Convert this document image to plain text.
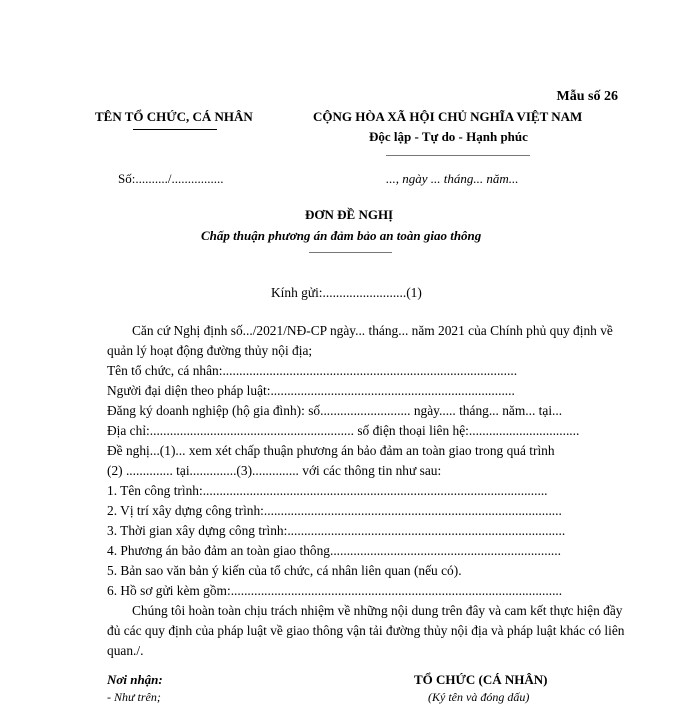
Mẫu số 26
TÊN TỔ CHỨC, CÁ NHÂN	CỘNG HÒA XÃ HỘI CHỦ NGHĨA VIỆT NAM
Độc lập - Tự do - Hạnh phúc
Số:........../................	..., ngày ... tháng... năm...
ĐƠN ĐỀ NGHỊ
Chấp thuận phương án đảm bảo an toàn giao thông
Kính gửi:.........................(1)
Căn cứ Nghị định số.../2021/NĐ-CP ngày... tháng... năm 2021 của Chính phủ quy định về
quản lý hoạt động đường thủy nội địa;
Tên tổ chức, cá nhân:........................................................................................
Người đại diện theo pháp luật:.........................................................................
Đăng ký doanh nghiệp (hộ gia đình): số........................... ngày..... tháng... năm... tại...
Địa chỉ:............................................................. số điện thoại liên hệ:.................................
Đề nghị...(1)... xem xét chấp thuận phương án bảo đảm an toàn giao trong quá trình
(2) .............. tại..............(3).............. với các thông tin như sau:
1. Tên công trình:.......................................................................................................
2. Vị trí xây dựng công trình:.........................................................................................
3. Thời gian xây dựng công trình:...................................................................................
4. Phương án bảo đảm an toàn giao thông.....................................................................
5. Bản sao văn bản ý kiến của tổ chức, cá nhân liên quan (nếu có).
6. Hồ sơ gửi kèm gồm:...................................................................................................
Chúng tôi hoàn toàn chịu trách nhiệm về những nội dung trên đây và cam kết thực hiện đầy
đủ các quy định của pháp luật về giao thông vận tải đường thủy nội địa và pháp luật khác có liên
quan./.
Nơi nhận:
- Như trên;
TỔ CHỨC (CÁ NHÂN)
(Ký tên và đóng dấu)
